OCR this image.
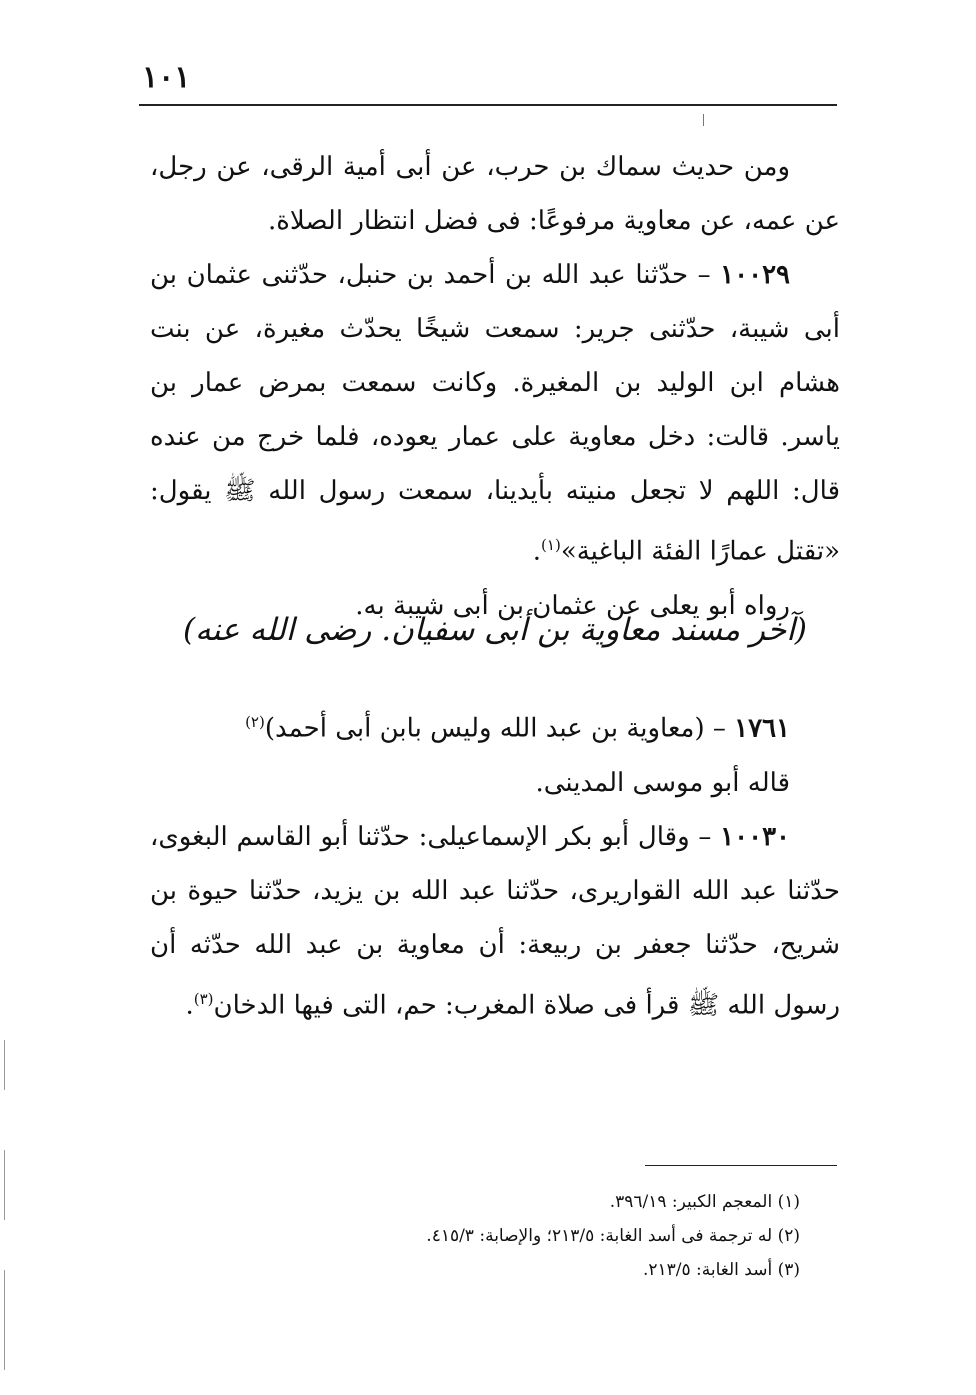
١٠١

ومن حديث سماك بن حرب، عن أبى أمية الرقى، عن رجل، عن عمه، عن معاوية مرفوعًا: فى فضل انتظار الصلاة.

١٠٠٢٩ – حدّثنا عبد الله بن أحمد بن حنبل، حدّثنى عثمان بن أبى شيبة، حدّثنى جرير: سمعت شيخًا يحدّث مغيرة، عن بنت هشام ابن الوليد بن المغيرة. وكانت سمعت بمرض عمار بن ياسر. قالت: دخل معاوية على عمار يعوده، فلما خرج من عنده قال: اللهم لا تجعل منيته بأيدينا، سمعت رسول الله ﷺ يقول: «تقتل عمارًا الفئة الباغية»$^{(١)}$.

رواه أبو يعلى عن عثمان بن أبى شيبة به.

(آخر مسند معاوية بن أبى سفيان. رضى الله عنه)

١٧٦١ – (معاوية بن عبد الله وليس بابن أبى أحمد)$^{(٢)}$

قاله أبو موسى المدينى.

١٠٠٣٠ – وقال أبو بكر الإسماعيلى: حدّثنا أبو القاسم البغوى، حدّثنا عبد الله القواريرى، حدّثنا عبد الله بن يزيد، حدّثنا حيوة بن شريح، حدّثنا جعفر بن ربيعة: أن معاوية بن عبد الله حدّثه أن رسول الله ﷺ قرأ فى صلاة المغرب: حم، التى فيها الدخان$^{(٣)}$.

(١) المعجم الكبير: ٣٩٦/١٩.

(٢) له ترجمة فى أسد الغابة: ٢١٣/٥؛ والإصابة: ٤١٥/٣.

(٣) أسد الغابة: ٢١٣/٥.
